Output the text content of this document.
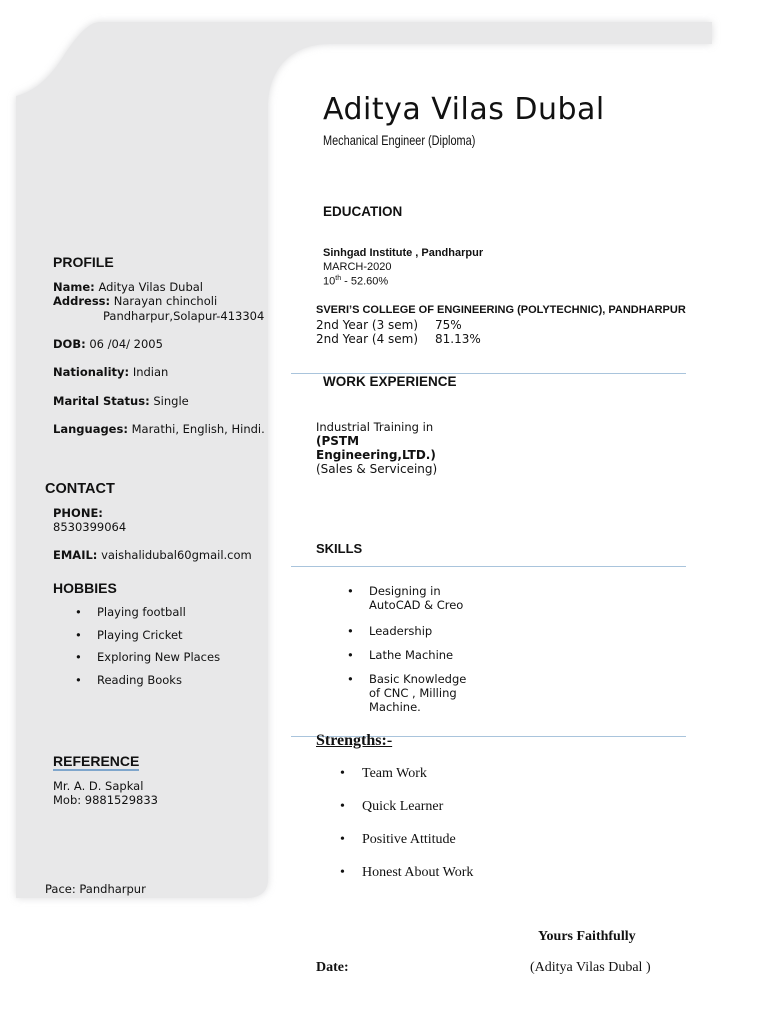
Aditya Vilas Dubal
Mechanical Engineer (Diploma)
PROFILE
Name: Aditya Vilas Dubal
Address: Narayan chincholi
Pandharpur,Solapur-413304
DOB: 06 /04/ 2005
Nationality: Indian
Marital Status: Single
Languages: Marathi, English, Hindi.
CONTACT
PHONE:
8530399064
EMAIL: vaishalidubal60gmail.com
HOBBIES
• Playing football
• Playing Cricket
• Exploring New Places
• Reading Books
REFERENCE
Mr. A. D. Sapkal
Mob: 9881529833
Pace: Pandharpur
EDUCATION
Sinhgad Institute , Pandharpur
MARCH-2020
10th - 52.60%
SVERI’S COLLEGE OF ENGINEERING (POLYTECHNIC), PANDHARPUR
2nd Year (3 sem) 75%
2nd Year (4 sem) 81.13%
WORK EXPERIENCE
Industrial Training in
(PSTM
Engineering,LTD.)
(Sales & Serviceing)
SKILLS
• Designing in
AutoCAD & Creo
• Leadership
• Lathe Machine
• Basic Knowledge
of CNC , Milling
Machine.
Strengths:-
• Team Work
• Quick Learner
• Positive Attitude
• Honest About Work
Yours Faithfully
Date:	(Aditya Vilas Dubal )
